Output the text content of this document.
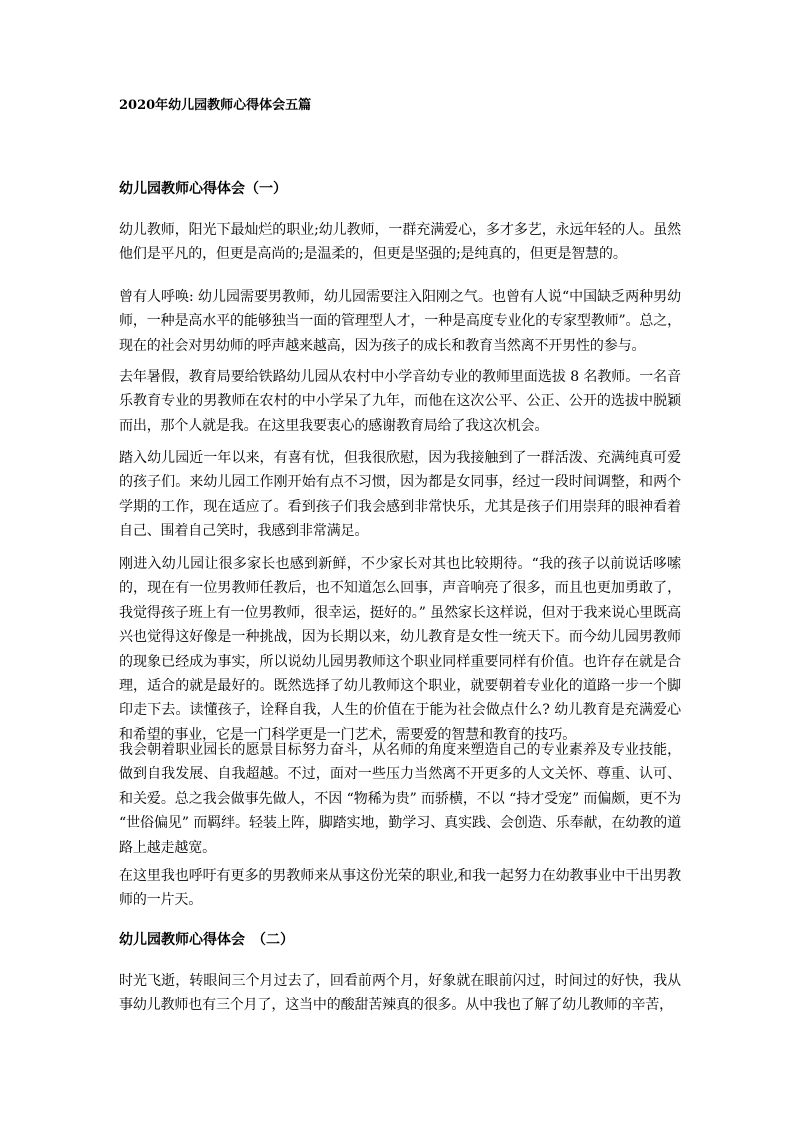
2020年幼儿园教师心得体会五篇
幼儿园教师心得体会（一）

幼儿教师，阳光下最灿烂的职业;幼儿教师，一群充满爱心，多才多艺，永远年轻的人。虽然他们是平凡的，但更是高尚的;是温柔的，但更是坚强的;是纯真的，但更是智慧的。

曾有人呼唤: 幼儿园需要男教师，幼儿园需要注入阳刚之气。也曾有人说“中国缺乏两种男幼师，一种是高水平的能够独当一面的管理型人才，一种是高度专业化的专家型教师”。总之，现在的社会对男幼师的呼声越来越高，因为孩子的成长和教育当然离不开男性的参与。

去年暑假，教育局要给铁路幼儿园从农村中小学音幼专业的教师里面选拔 8 名教师。一名音乐教育专业的男教师在农村的中小学呆了九年，而他在这次公平、公正、公开的选拔中脱颖而出，那个人就是我。在这里我要衷心的感谢教育局给了我这次机会。

踏入幼儿园近一年以来，有喜有忧，但我很欣慰，因为我接触到了一群活泼、充满纯真可爱的孩子们。来幼儿园工作刚开始有点不习惯，因为都是女同事，经过一段时间调整，和两个学期的工作，现在适应了。看到孩子们我会感到非常快乐，尤其是孩子们用崇拜的眼神看着自己、围着自己笑时，我感到非常满足。

刚进入幼儿园让很多家长也感到新鲜，不少家长对其也比较期待。“我的孩子以前说话哆嗦的，现在有一位男教师任教后，也不知道怎么回事，声音响亮了很多，而且也更加勇敢了，我觉得孩子班上有一位男教师，很幸运，挺好的。” 虽然家长这样说，但对于我来说心里既高兴也觉得这好像是一种挑战，因为长期以来，幼儿教育是女性一统天下。而今幼儿园男教师的现象已经成为事实，所以说幼儿园男教师这个职业同样重要同样有价值。也许存在就是合理，适合的就是最好的。既然选择了幼儿教师这个职业，就要朝着专业化的道路一步一个脚印走下去。读懂孩子，诠释自我，人生的价值在于能为社会做点什么? 幼儿教育是充满爱心和希望的事业，它是一门科学更是一门艺术，需要爱的智慧和教育的技巧。

我会朝着职业园长的愿景目标努力奋斗，从名师的角度来塑造自己的专业素养及专业技能，做到自我发展、自我超越。不过，面对一些压力当然离不开更多的人文关怀、尊重、认可、和关爱。总之我会做事先做人，不因 “物稀为贵” 而骄横，不以 “持才受宠” 而偏颇，更不为 “世俗偏见” 而羁绊。轻装上阵，脚踏实地，勤学习、真实践、会创造、乐奉献，在幼教的道路上越走越宽。

在这里我也呼吁有更多的男教师来从事这份光荣的职业,和我一起努力在幼教事业中干出男教师的一片天。

幼儿园教师心得体会　（二）

时光飞逝，转眼间三个月过去了，回看前两个月，好象就在眼前闪过，时间过的好快，我从事幼儿教师也有三个月了，这当中的酸甜苦辣真的很多。从中我也了解了幼儿教师的辛苦，
